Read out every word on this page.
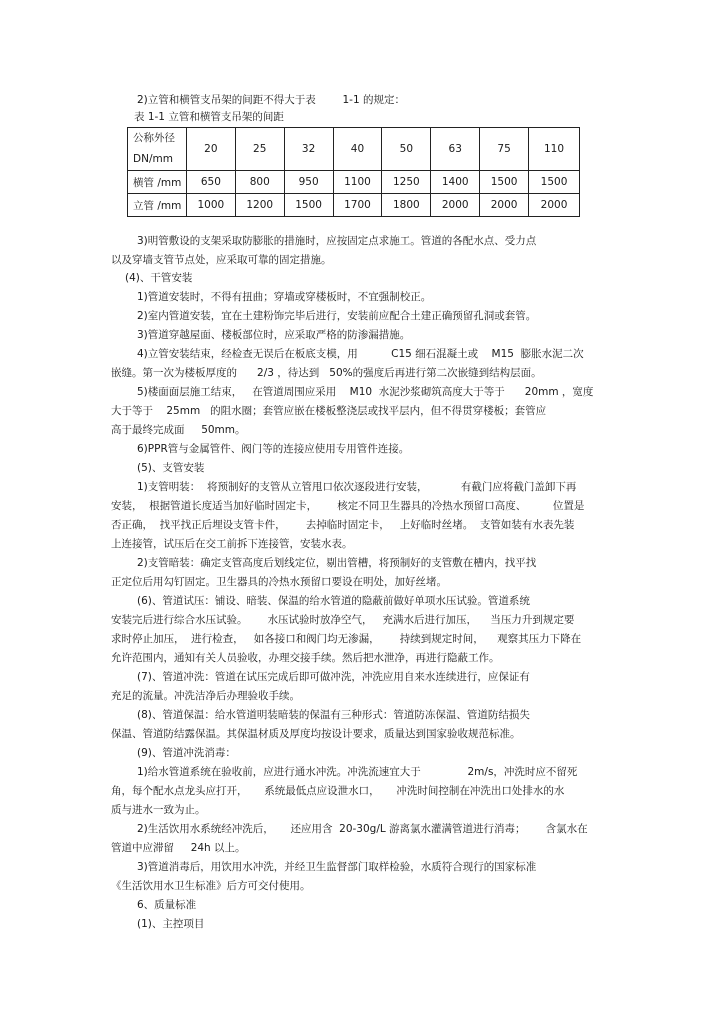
2)立管和横管支吊架的间距不得大于表        1-1 的规定：
表 1-1 立管和横管支吊架的间距
公称外径
DN/mm	20	25	32	40	50	63	75	110
横管 /mm	650	800	950	1100	1250	1400	1500	1500
立管 /mm	1000	1200	1500	1700	1800	2000	2000	2000
3)明管敷设的支架采取防膨胀的措施时，应按固定点求施工。管道的各配水点、受力点
以及穿墙支管节点处，应采取可靠的固定措施。
(4)、干管安装
1)管道安装时，不得有扭曲；穿墙或穿楼板时，不宜强制校正。
2)室内管道安装，宜在土建粉饰完毕后进行，安装前应配合土建正确预留孔洞或套管。
3)管道穿越屋面、楼板部位时，应采取严格的防渗漏措施。
4)立管安装结束，经检查无误后在板底支模，用          C15 细石混凝土或    M15  膨胀水泥二次
嵌缝。第一次为楼板厚度的      2/3 ，待达到   50%的强度后再进行第二次嵌缝到结构层面。
5)楼面面层施工结束，   在管道周围应采用    M10  水泥沙浆砌筑高度大于等于      20mm ，宽度
大于等于    25mm   的阻水圈；套管应嵌在楼板整浇层或找平层内，但不得贯穿楼板；套管应
高于最终完成面     50mm。
6)PPR管与金属管件、阀门等的连接应使用专用管件连接。
(5)、支管安装
1)支管明装：  将预制好的支管从立管甩口依次逐段进行安装，          有截门应将截门盖卸下再
安装，  根据管道长度适当加好临时固定卡，      核定不同卫生器具的冷热水预留口高度、        位置是
否正确，  找平找正后埋设支管卡件，      去掉临时固定卡，   上好临时丝堵。  支管如装有水表先装
上连接管，试压后在交工前拆下连接管，安装水表。
2)支管暗装：确定支管高度后划线定位，剔出管槽，将预制好的支管敷在槽内，找平找
正定位后用勾钉固定。卫生器具的冷热水预留口要设在明处，加好丝堵。
(6)、管道试压：铺设、暗装、保温的给水管道的隐蔽前做好单项水压试验。管道系统
安装完后进行综合水压试验。      水压试验时放净空气，   充满水后进行加压，    当压力升到规定要
求时停止加压，  进行检查，   如各接口和阀门均无渗漏，      持续到规定时间，    观察其压力下降在
允许范围内，通知有关人员验收，办理交接手续。然后把水泄净，再进行隐蔽工作。
(7)、管道冲洗：管道在试压完成后即可做冲洗，冲洗应用自来水连续进行，应保证有
充足的流量。冲洗洁净后办理验收手续。
(8)、管道保温：给水管道明装暗装的保温有三种形式：管道防冻保温、管道防结损失
保温、管道防结露保温。其保温材质及厚度均按设计要求，质量达到国家验收规范标准。
(9)、管道冲洗消毒：
1)给水管道系统在验收前，应进行通水冲洗。冲洗流速宜大于              2m/s，冲洗时应不留死
角，每个配水点龙头应打开，     系统最低点应设泄水口，     冲洗时间控制在冲洗出口处排水的水
质与进水一致为止。
2)生活饮用水系统经冲洗后，     还应用含  20-30g/L 游离氯水灌满管道进行消毒；      含氯水在
管道中应滞留     24h 以上。
3)管道消毒后，用饮用水冲洗，并经卫生监督部门取样检验，水质符合现行的国家标准
《生活饮用水卫生标准》后方可交付使用。
6、质量标准
(1)、主控项目
